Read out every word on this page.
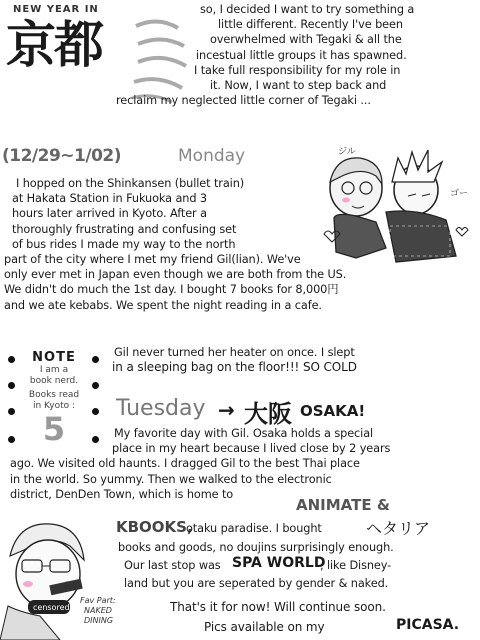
NEW YEAR IN
京都
so, I decided I want to try something a
little different. Recently I've been
overwhelmed with Tegaki & all the
incestual little groups it has spawned.
I take full responsibility for my role in
it. Now, I want to step back and
reclaim my neglected little corner of Tegaki ...
(12/29~1/02)	Monday
I hopped on the Shinkansen (bullet train)
at Hakata Station in Fukuoka and 3
hours later arrived in Kyoto. After a
thoroughly frustrating and confusing set
of bus rides I made my way to the north
part of the city where I met my friend Gil(lian). We've
only ever met in Japan even though we are both from the US.
We didn't do much the 1st day. I bought 7 books for 8,000円
and we ate kebabs. We spent the night reading in a cafe.
Gil never turned her heater on once. I slept
in a sleeping bag on the floor!!! SO COLD
ジル
ゴー
NOTE
I am a
book nerd.
Books read
in Kyoto :
5
Tuesday → 大阪 OSAKA!
My favorite day with Gil. Osaka holds a special
place in my heart because I lived close by 2 years
ago. We visited old haunts. I dragged Gil to the best Thai place
in the world. So yummy. Then we walked to the electronic
district, DenDen Town, which is home to
ANIMATE &
KBOOKS,
otaku paradise. I bought	ヘタリア
books and goods, no doujins surprisingly enough.
Our last stop was SPA WORLD
, like Disney-
land but you are seperated by gender & naked.
That's it for now! Will continue soon.
Pics available on my	PICASA.
censored
Fav Part:
NAKED
DINING
